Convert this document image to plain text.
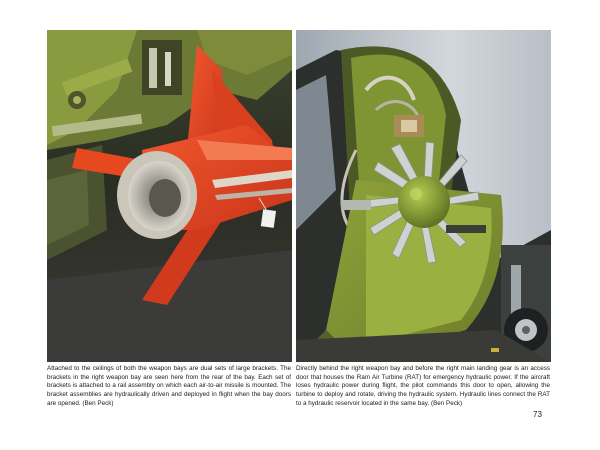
Attached to the ceilings of both the weapon bays are dual sets of large brackets. The brackets in the right weapon bay are seen here from the rear of the bay. Each set of brackets is attached to a rail assembly on which each air-to-air missile is mounted. The bracket assemblies are hydraulically driven and deployed in flight when the bay doors are opened. (Ben Peck)
Directly behind the right weapon bay and before the right main landing gear is an access door that houses the Ram Air Turbine (RAT) for emergency hydraulic power. If the aircraft loses hydraulic power during flight, the pilot commands this door to open, allowing the turbine to deploy and rotate, driving the hydraulic system. Hydraulic lines connect the RAT to a hydraulic reservoir located in the same bay. (Ben Peck)
73
